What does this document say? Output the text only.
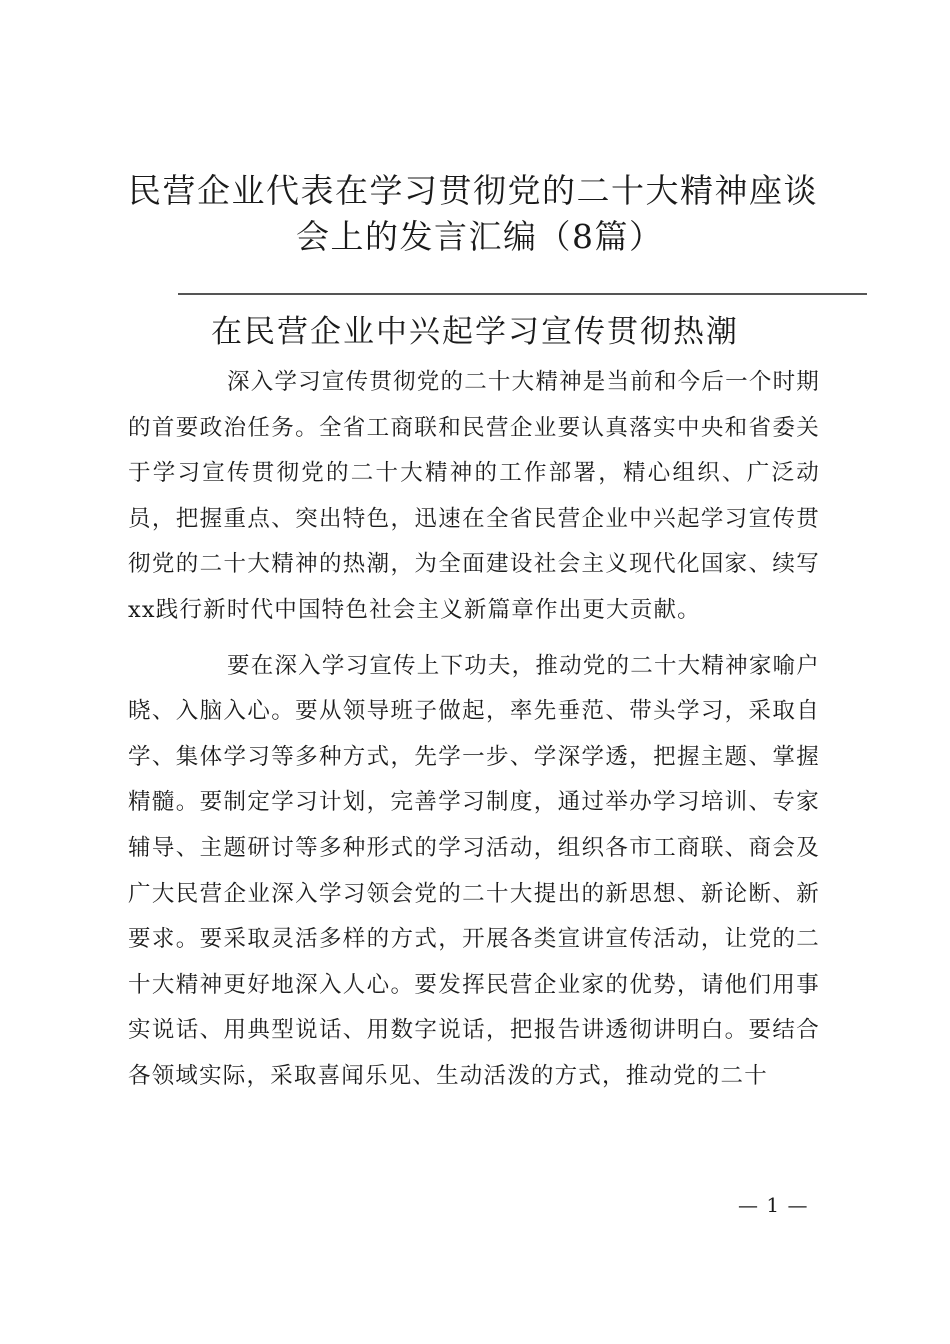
民营企业代表在学习贯彻党的二十大精神座谈
会上的发言汇编（8篇）
在民营企业中兴起学习宣传贯彻热潮

深入学习宣传贯彻党的二十大精神是当前和今后一个时期的首要政治任务。全省工商联和民营企业要认真落实中央和省委关于学习宣传贯彻党的二十大精神的工作部署，精心组织、广泛动员，把握重点、突出特色，迅速在全省民营企业中兴起学习宣传贯彻党的二十大精神的热潮，为全面建设社会主义现代化国家、续写xx践行新时代中国特色社会主义新篇章作出更大贡献。

要在深入学习宣传上下功夫，推动党的二十大精神家喻户晓、入脑入心。要从领导班子做起，率先垂范、带头学习，采取自学、集体学习等多种方式，先学一步、学深学透，把握主题、掌握精髓。要制定学习计划，完善学习制度，通过举办学习培训、专家辅导、主题研讨等多种形式的学习活动，组织各市工商联、商会及广大民营企业深入学习领会党的二十大提出的新思想、新论断、新要求。要采取灵活多样的方式，开展各类宣讲宣传活动，让党的二十大精神更好地深入人心。要发挥民营企业家的优势，请他们用事实说话、用典型说话、用数字说话，把报告讲透彻讲明白。要结合各领域实际，采取喜闻乐见、生动活泼的方式，推动党的二十

— 1 —
